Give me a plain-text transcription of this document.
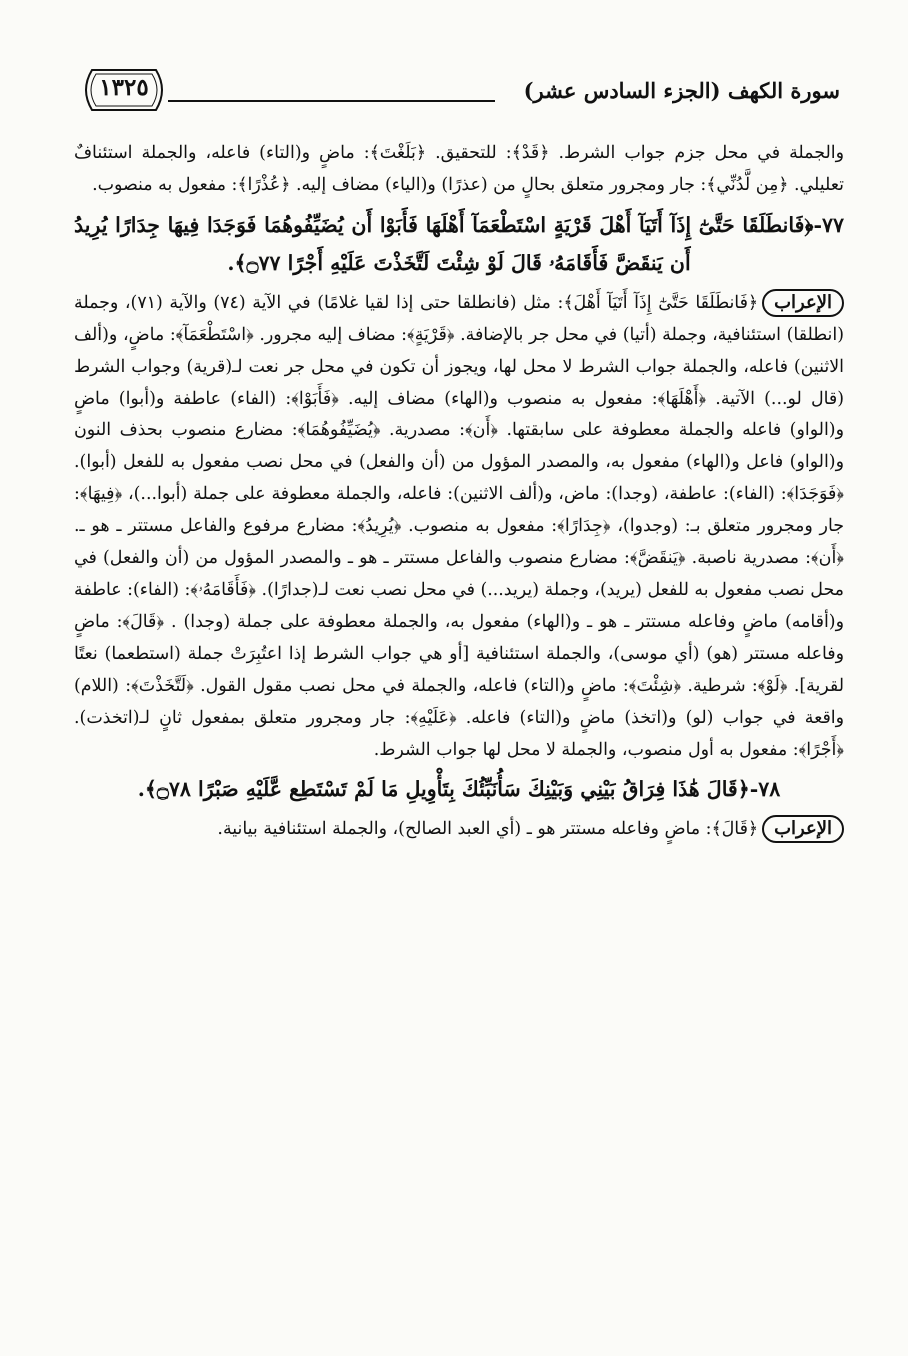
سورة الكهف (الجزء السادس عشر)
١٣٢٥

والجملة في محل جزم جواب الشرط. ﴿قَدْ﴾: للتحقيق. ﴿بَلَغْتَ﴾: ماضٍ و(التاء) فاعله، والجملة استئنافٌ تعليلي. ﴿مِن لَّدُنِّي﴾: جار ومجرور متعلق بحالٍ من (عذرًا) و(الياء) مضاف إليه. ﴿عُذْرًا﴾: مفعول به منصوب.

٧٧-﴿فَانطَلَقَا حَتَّىٰٓ إِذَآ أَتَيَآ أَهْلَ قَرْيَةٍ اسْتَطْعَمَآ أَهْلَهَا فَأَبَوْا أَن يُضَيِّفُوهُمَا فَوَجَدَا فِيهَا جِدَارًا يُرِيدُ أَن يَنقَضَّ فَأَقَامَهُۥ قَالَ لَوْ شِئْتَ لَتَّخَذْتَ عَلَيْهِ أَجْرًا ۝٧٧﴾.

الإعراب﴿فَانطَلَقَا حَتَّىٰٓ إِذَآ أَتَيَآ أَهْلَ﴾: مثل (فانطلقا حتى إذا لقيا غلامًا) في الآية (٧٤) والآية (٧١)، وجملة (انطلقا) استئنافية، وجملة (أتيا) في محل جر بالإضافة. ﴿قَرْيَةٍ﴾: مضاف إليه مجرور. ﴿اسْتَطْعَمَآ﴾: ماضٍ، و(ألف الاثنين) فاعله، والجملة جواب الشرط لا محل لها، ويجوز أن تكون في محل جر نعت لـ(قرية) وجواب الشرط (قال لو...) الآتية. ﴿أَهْلَهَا﴾: مفعول به منصوب و(الهاء) مضاف إليه. ﴿فَأَبَوْا﴾: (الفاء) عاطفة و(أبوا) ماضٍ و(الواو) فاعله والجملة معطوفة على سابقتها. ﴿أَن﴾: مصدرية. ﴿يُضَيِّفُوهُمَا﴾: مضارع منصوب بحذف النون و(الواو) فاعل و(الهاء) مفعول به، والمصدر المؤول من (أن والفعل) في محل نصب مفعول به للفعل (أبوا). ﴿فَوَجَدَا﴾: (الفاء): عاطفة، (وجدا): ماض، و(ألف الاثنين): فاعله، والجملة معطوفة على جملة (أبوا...)، ﴿فِيهَا﴾: جار ومجرور متعلق بـ: (وجدوا)، ﴿جِدَارًا﴾: مفعول به منصوب. ﴿يُرِيدُ﴾: مضارع مرفوع والفاعل مستتر ـ هو ـ. ﴿أَن﴾: مصدرية ناصبة. ﴿يَنقَضَّ﴾: مضارع منصوب والفاعل مستتر ـ هو ـ والمصدر المؤول من (أن والفعل) في محل نصب مفعول به للفعل (يريد)، وجملة (يريد...) في محل نصب نعت لـ(جدارًا). ﴿فَأَقَامَهُۥ﴾: (الفاء): عاطفة و(أقامه) ماضٍ وفاعله مستتر ـ هو ـ و(الهاء) مفعول به، والجملة معطوفة على جملة (وجدا) . ﴿قَالَ﴾: ماضٍ وفاعله مستتر (هو) (أي موسى)، والجملة استئنافية [أو هي جواب الشرط إذا اعتُبِرَتْ جملة (استطعما) نعتًا لقرية]. ﴿لَوْ﴾: شرطية. ﴿شِئْتَ﴾: ماضٍ و(التاء) فاعله، والجملة في محل نصب مقول القول. ﴿لَتَّخَذْتَ﴾: (اللام) واقعة في جواب (لو) و(اتخذ) ماضٍ و(التاء) فاعله. ﴿عَلَيْهِ﴾: جار ومجرور متعلق بمفعول ثانٍ لـ(اتخذت). ﴿أَجْرًا﴾: مفعول به أول منصوب، والجملة لا محل لها جواب الشرط.

٧٨-﴿قَالَ هَٰذَا فِرَاقُ بَيْنِي وَبَيْنِكَ سَأُنَبِّئُكَ بِتَأْوِيلِ مَا لَمْ تَسْتَطِع عَّلَيْهِ صَبْرًا ۝٧٨﴾.

الإعراب﴿قَالَ﴾: ماضٍ وفاعله مستتر هو ـ (أي العبد الصالح)، والجملة استئنافية بيانية.
